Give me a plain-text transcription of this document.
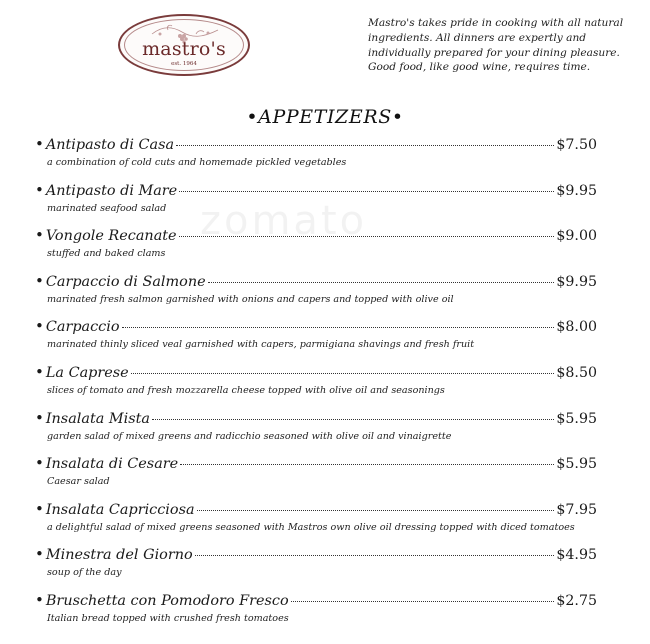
mastro's
est. 1964
Mastro's takes pride in cooking with all natural ingredients. All dinners are expertly and individually prepared for your dining pleasure. Good food, like good wine, requires time.
zomato
•APPETIZERS•
• Antipasto di Casa	$7.50
a combination of cold cuts and homemade pickled vegetables
• Antipasto di Mare	$9.95
marinated seafood salad
• Vongole Recanate	$9.00
stuffed and baked clams
• Carpaccio di Salmone	$9.95
marinated fresh salmon garnished with onions and capers and topped with olive oil
• Carpaccio	$8.00
marinated thinly sliced veal garnished with capers, parmigiana shavings and fresh fruit
• La Caprese	$8.50
slices of tomato and fresh mozzarella cheese topped with olive oil and seasonings
• Insalata Mista	$5.95
garden salad of mixed greens and radicchio seasoned with olive oil and vinaigrette
• Insalata di Cesare	$5.95
Caesar salad
• Insalata Capricciosa	$7.95
a delightful salad of mixed greens seasoned with Mastros own olive oil dressing topped with diced tomatoes
• Minestra del Giorno	$4.95
soup of the day
• Bruschetta con Pomodoro Fresco	$2.75
Italian bread topped with crushed fresh tomatoes
